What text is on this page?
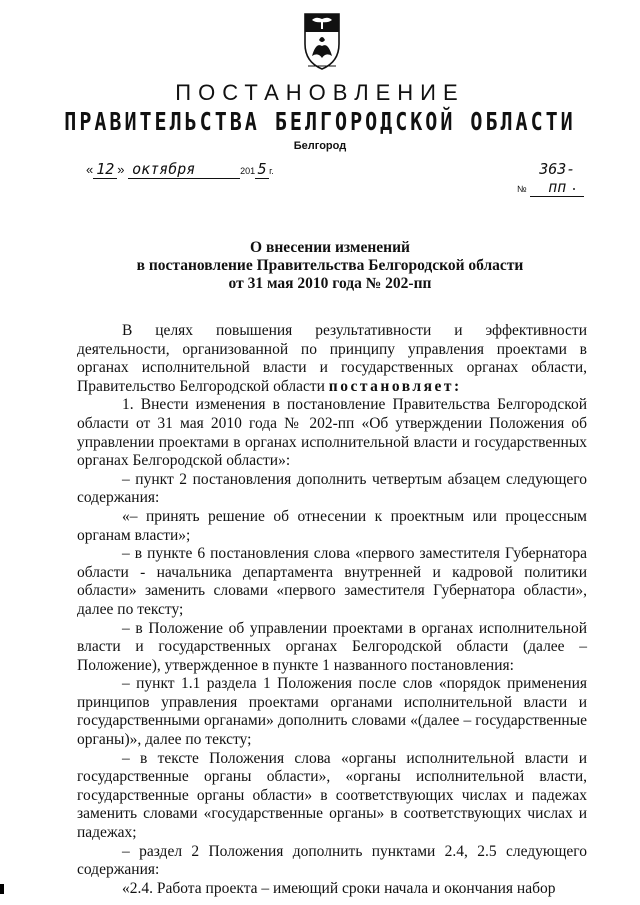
ПОСТАНОВЛЕНИЕ
ПРАВИТЕЛЬСТВА БЕЛГОРОДСКОЙ ОБЛАСТИ
Белгород
« 12 » октября	201 5 г.
№ 363-пп
О внесении изменений
в постановление Правительства Белгородской области
от 31 мая 2010 года № 202-пп

В целях повышения результативности и эффективности деятельности, организованной по принципу управления проектами в органах исполнительной власти и государственных органах области, Правительство Белгородской области постановляет:

1. Внести изменения в постановление Правительства Белгородской области от 31 мая 2010 года № 202-пп «Об утверждении Положения об управлении проектами в органах исполнительной власти и государственных органах Белгородской области»:

– пункт 2 постановления дополнить четвертым абзацем следующего содержания:

«– принять решение об отнесении к проектным или процессным органам власти»;

– в пункте 6 постановления слова «первого заместителя Губернатора области - начальника департамента внутренней и кадровой политики области» заменить словами «первого заместителя Губернатора области», далее по тексту;

– в Положение об управлении проектами в органах исполнительной власти и государственных органах Белгородской области (далее – Положение), утвержденное в пункте 1 названного постановления:

– пункт 1.1 раздела 1 Положения после слов «порядок применения принципов управления проектами органами исполнительной власти и государственными органами» дополнить словами «(далее – государственные органы)», далее по тексту;

– в тексте Положения слова «органы исполнительной власти и государственные органы области», «органы исполнительной власти, государственные органы области» в соответствующих числах и падежах заменить словами «государственные органы» в соответствующих числах и падежах;

– раздел 2 Положения дополнить пунктами 2.4, 2.5 следующего содержания:

«2.4. Работа проекта – имеющий сроки начала и окончания набор
